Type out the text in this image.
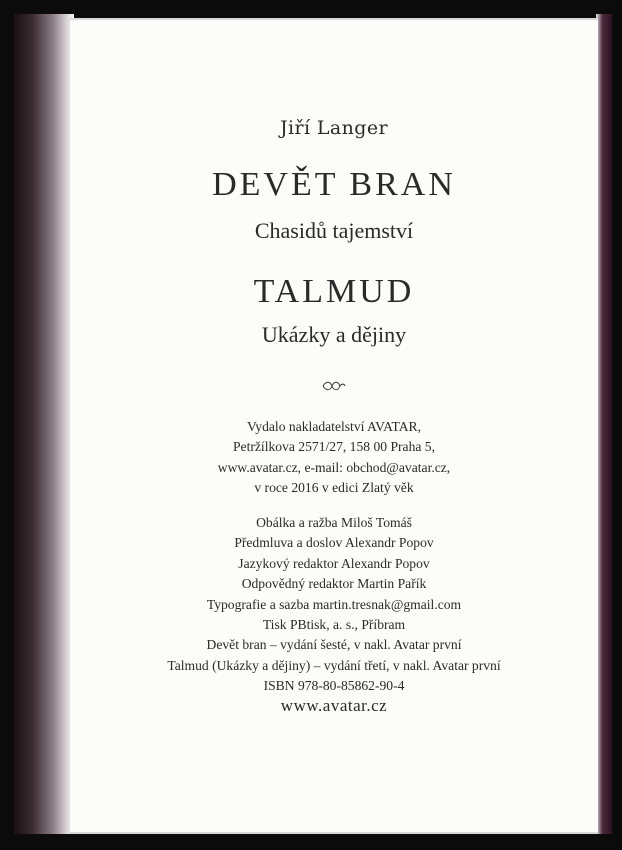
Jiří Langer
DEVĚT BRAN
Chasidů tajemství
TALMUD
Ukázky a dějiny
Vydalo nakladatelství AVATAR,
Petržílkova 2571/27, 158 00 Praha 5,
www.avatar.cz, e-mail: obchod@avatar.cz,
v roce 2016 v edici Zlatý věk
Obálka a ražba Miloš Tomáš
Předmluva a doslov Alexandr Popov
Jazykový redaktor Alexandr Popov
Odpovědný redaktor Martin Pařík
Typografie a sazba martin.tresnak@gmail.com
Tisk PBtisk, a. s., Příbram
Devět bran – vydání šesté, v nakl. Avatar první
Talmud (Ukázky a dějiny) – vydání třetí, v nakl. Avatar první
ISBN 978-80-85862-90-4
www.avatar.cz
